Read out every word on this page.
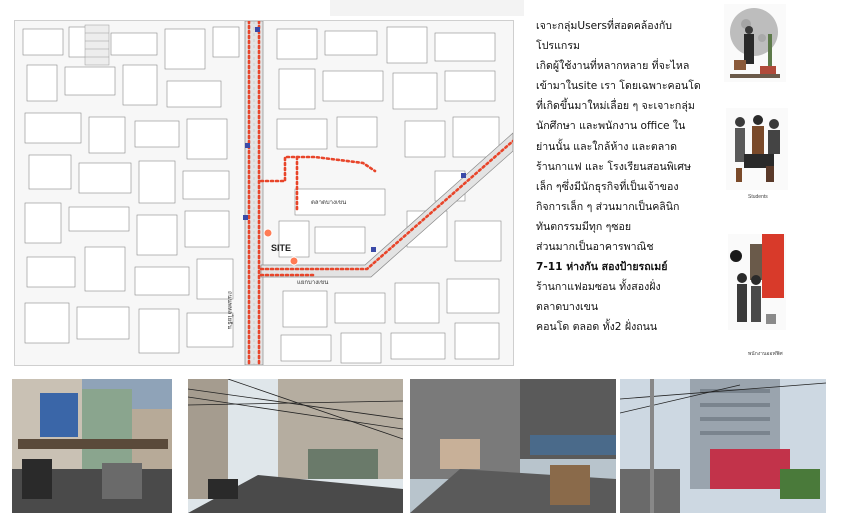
SITE
ตลาดบางเขน
แยกบางเขน
ถนนพหลโยธิน
เจาะกลุ่มUsersที่สอดคล้องกับ
โปรแกรม
เกิดผู้ใช้งานที่หลากหลาย ที่จะไหล
เข้ามาในsite เรา โดยเฉพาะคอนโด
ที่เกิดขึ้นมาใหม่เลื่อย ๆ จะเจาะกลุ่ม
นักศึกษา และพนักงาน office ใน
ย่านนั้น และใกล้ห้าง และตลาด
ร้านกาแฟ และ โรงเรียนสอนพิเศษ
เล็ก ๆซึ่งมีนักธุรกิจที่เป็นเจ้าของ
กิจการเล็ก ๆ ส่วนมากเป็นคลินิก
ทันตกรรมมีทุก ๆซอย
ส่วนมากเป็นอาคารพาณิช
7-11 ห่างกัน สองป้ายรถเมย์
ร้านกาแฟอมซอน ทั้งสองฝั่ง
ตลาดบางเขน
คอนโด ตลอด ทั้ง2 ฝั่งถนน
Students
พนักงานออฟฟิศ
